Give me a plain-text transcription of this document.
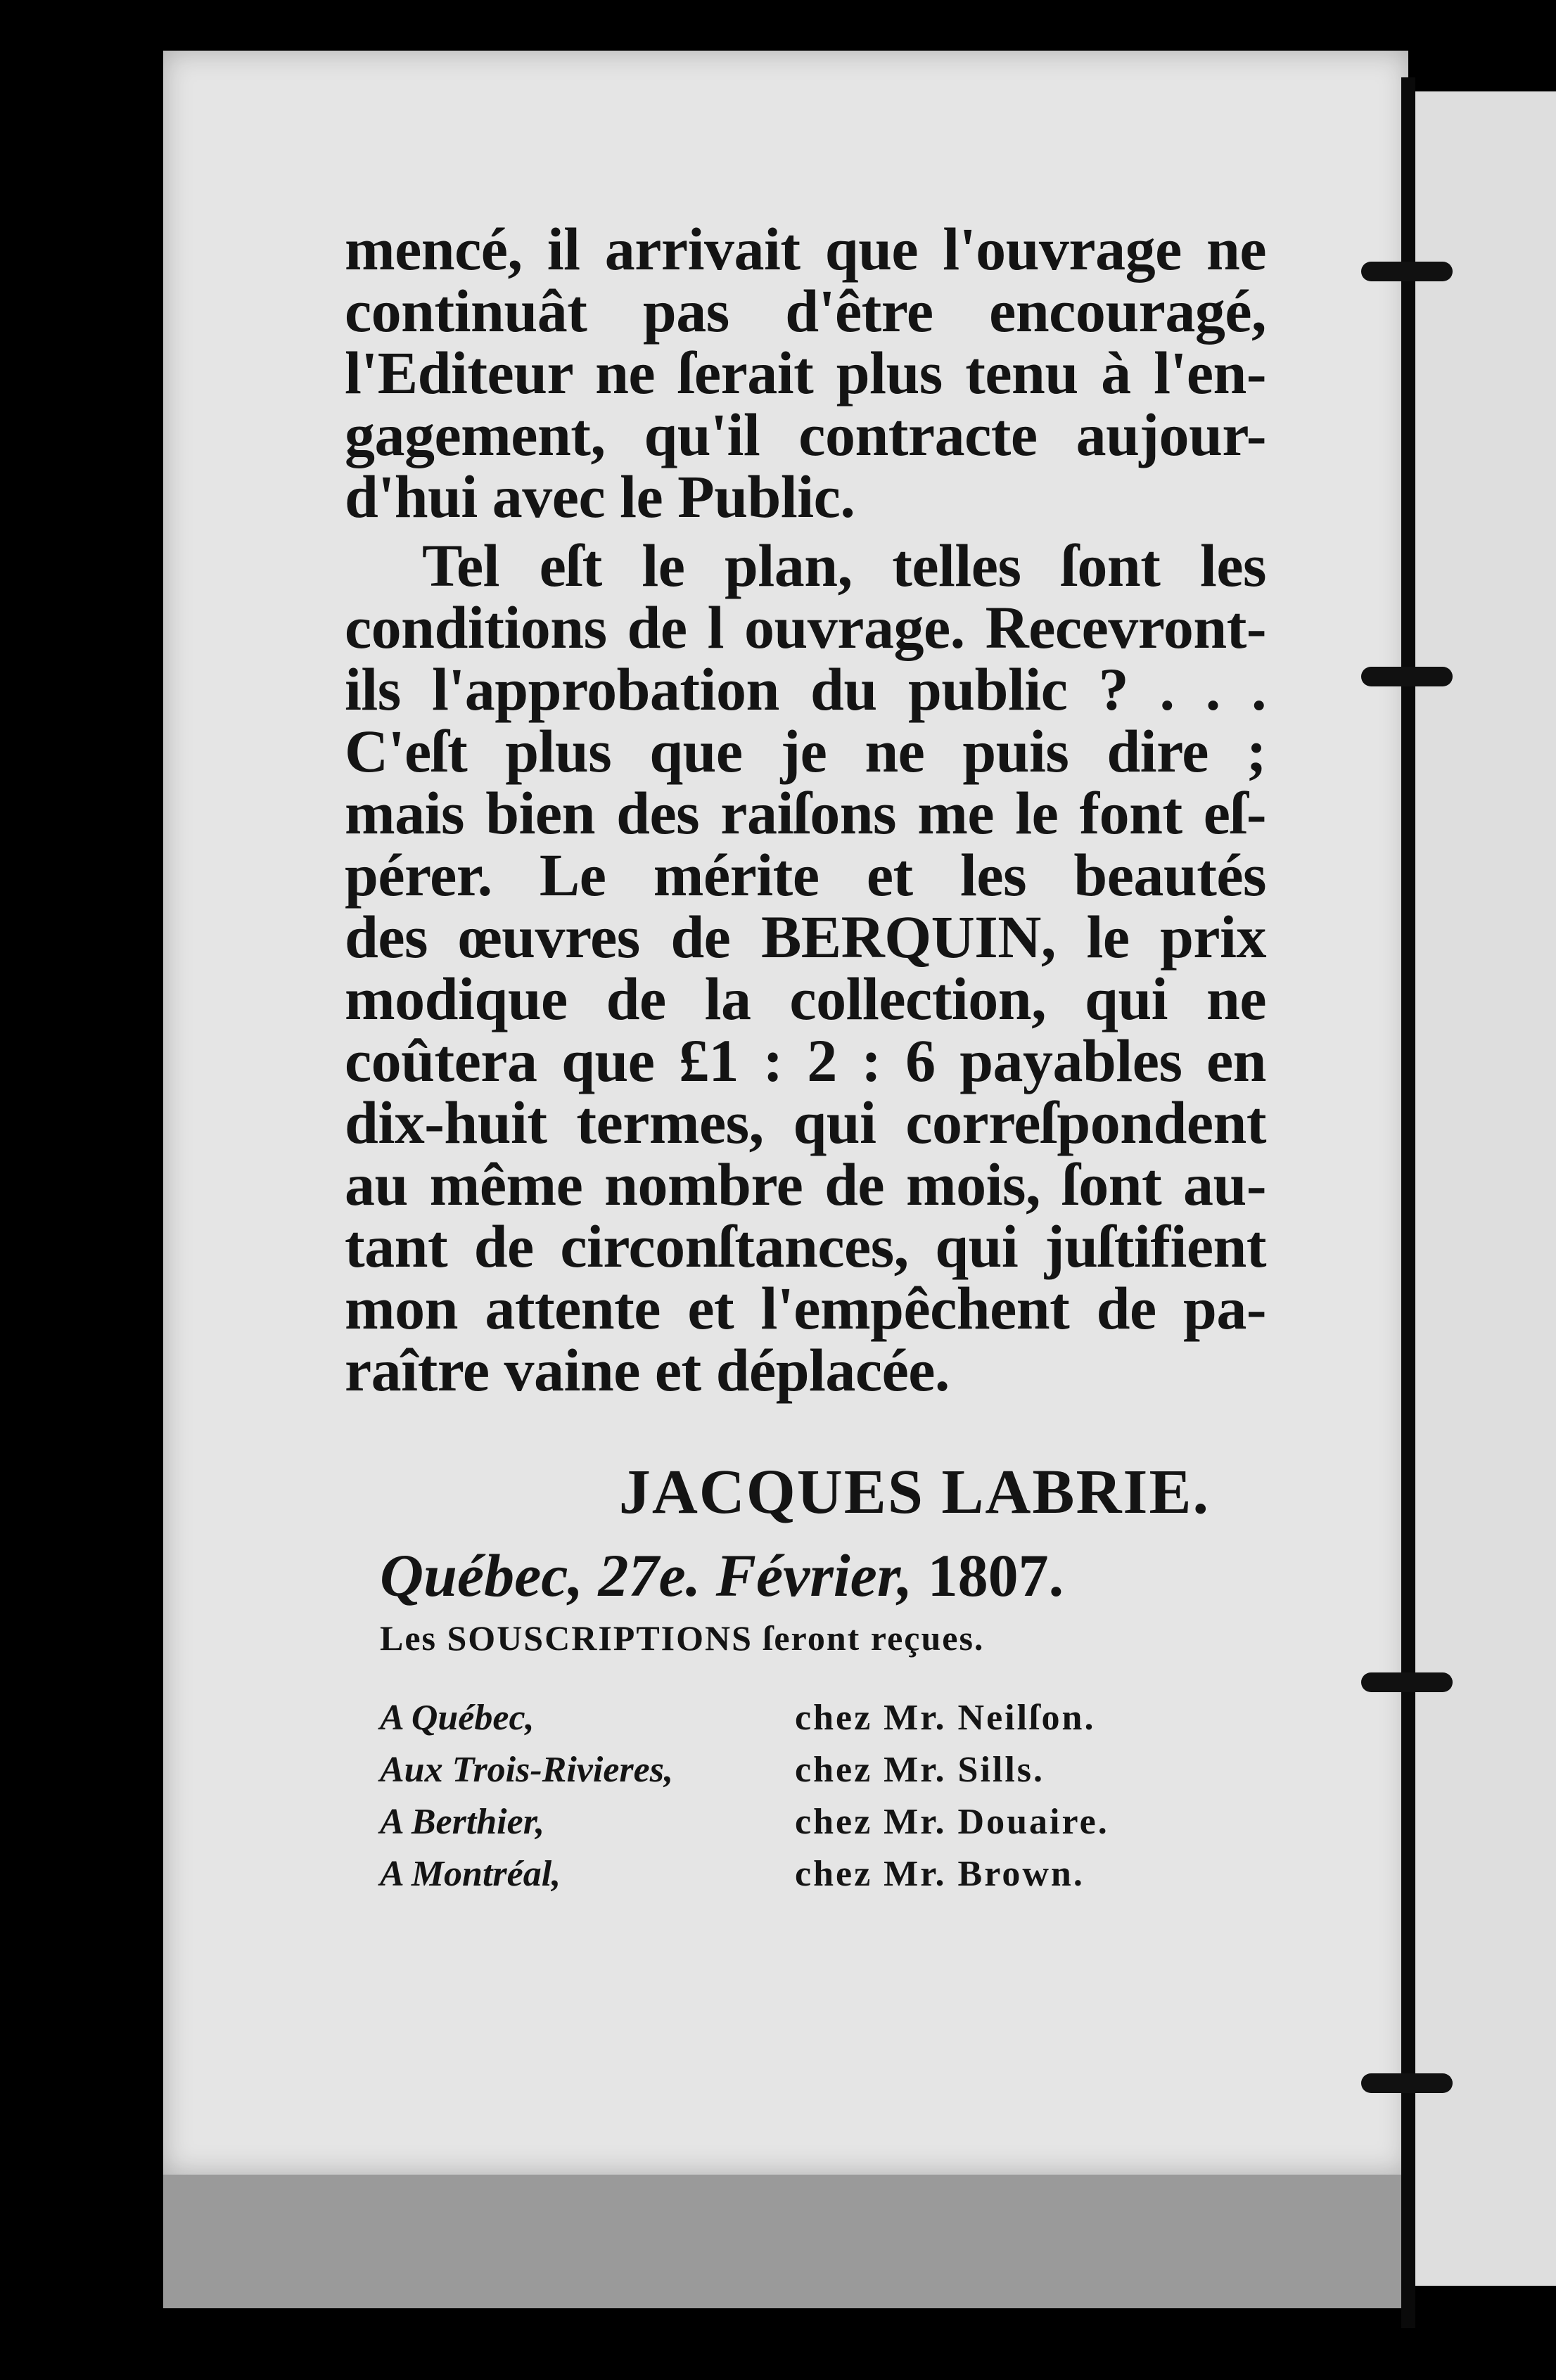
mencé, il arrivait que l'ouvrage ne
continuât pas d'être encouragé,
l'Editeur ne ſerait plus tenu à l'en-
gagement, qu'il contracte aujour-
d'hui avec le Public.
Tel eſt le plan, telles ſont les
conditions de l ouvrage. Recevront-
ils l'approbation du public ? . . .
C'eſt plus que je ne puis dire ;
mais bien des raiſons me le font eſ-
pérer. Le mérite et les beautés
des œuvres de BERQUIN, le prix
modique de la collection, qui ne
coûtera que £1 : 2 : 6 payables en
dix-huit termes, qui correſpondent
au même nombre de mois, ſont au-
tant de circonſtances, qui juſtifient
mon attente et l'empêchent de pa-
raître vaine et déplacée.
JACQUES LABRIE.
Québec, 27e. Février, 1807.
Les SOUSCRIPTIONS ſeront reçues.
A Québec,	chez Mr. Neilſon.
Aux Trois-Rivieres,	chez Mr. Sills.
A Berthier,	chez Mr. Douaire.
A Montréal,	chez Mr. Brown.
